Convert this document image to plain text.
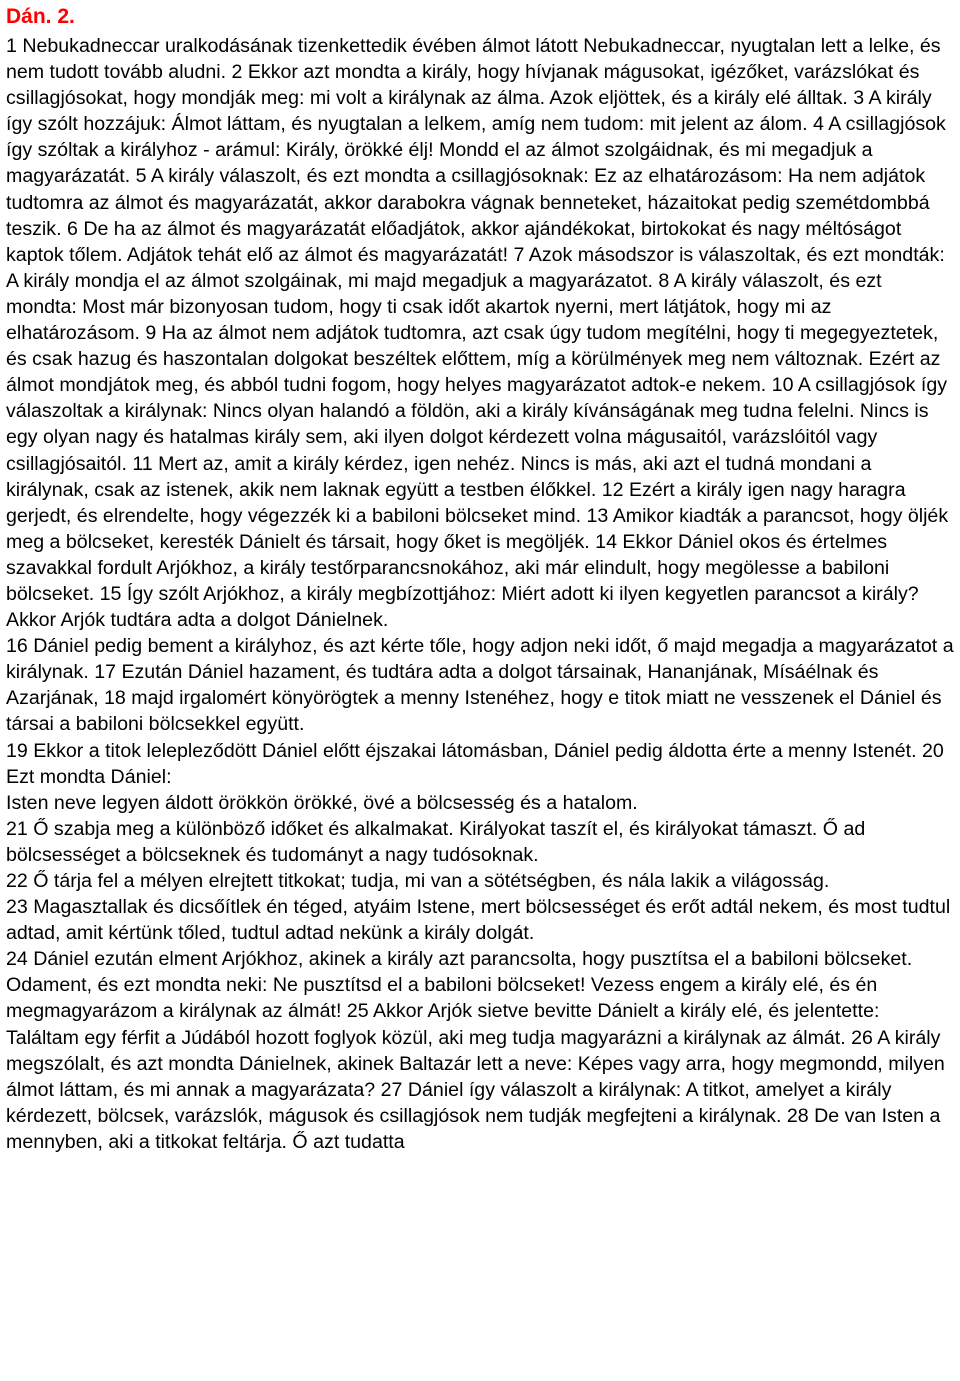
Dán. 2.

1 Nebukadneccar uralkodásának tizenkettedik évében álmot látott Nebukadneccar, nyugtalan lett a lelke, és nem tudott tovább aludni. 2 Ekkor azt mondta a király, hogy hívjanak mágusokat, igézőket, varázslókat és csillagjósokat, hogy mondják meg: mi volt a királynak az álma. Azok eljöttek, és a király elé álltak. 3 A király így szólt hozzájuk: Álmot láttam, és nyugtalan a lelkem, amíg nem tudom: mit jelent az álom. 4 A csillagjósok így szóltak a királyhoz - arámul: Király, örökké élj! Mondd el az álmot szolgáidnak, és mi megadjuk a magyarázatát. 5 A király válaszolt, és ezt mondta a csillagjósoknak: Ez az elhatározásom: Ha nem adjátok tudtomra az álmot és magyarázatát, akkor darabokra vágnak benneteket, házaitokat pedig szemétdombbá teszik. 6 De ha az álmot és magyarázatát előadjátok, akkor ajándékokat, birtokokat és nagy méltóságot kaptok tőlem. Adjátok tehát elő az álmot és magyarázatát! 7 Azok másodszor is válaszoltak, és ezt mondták: A király mondja el az álmot szolgáinak, mi majd megadjuk a magyarázatot. 8 A király válaszolt, és ezt mondta: Most már bizonyosan tudom, hogy ti csak időt akartok nyerni, mert látjátok, hogy mi az elhatározásom. 9 Ha az álmot nem adjátok tudtomra, azt csak úgy tudom megítélni, hogy ti megegyeztetek, és csak hazug és haszontalan dolgokat beszéltek előttem, míg a körülmények meg nem változnak. Ezért az álmot mondjátok meg, és abból tudni fogom, hogy helyes magyarázatot adtok-e nekem. 10 A csillagjósok így válaszoltak a királynak: Nincs olyan halandó a földön, aki a király kívánságának meg tudna felelni. Nincs is egy olyan nagy és hatalmas király sem, aki ilyen dolgot kérdezett volna mágusaitól, varázslóitól vagy csillagjósaitól. 11 Mert az, amit a király kérdez, igen nehéz. Nincs is más, aki azt el tudná mondani a királynak, csak az istenek, akik nem laknak együtt a testben élőkkel. 12 Ezért a király igen nagy haragra gerjedt, és elrendelte, hogy végezzék ki a babiloni bölcseket mind. 13 Amikor kiadták a parancsot, hogy öljék meg a bölcseket, keresték Dánielt és társait, hogy őket is megöljék. 14 Ekkor Dániel okos és értelmes szavakkal fordult Arjókhoz, a király testőrparancsnokához, aki már elindult, hogy megölesse a babiloni bölcseket. 15 Így szólt Arjókhoz, a király megbízottjához: Miért adott ki ilyen kegyetlen parancsot a király? Akkor Arjók tudtára adta a dolgot Dánielnek.

16 Dániel pedig bement a királyhoz, és azt kérte tőle, hogy adjon neki időt, ő majd megadja a magyarázatot a királynak. 17 Ezután Dániel hazament, és tudtára adta a dolgot társainak, Hananjának, Mísáélnak és Azarjának, 18 majd irgalomért könyörögtek a menny Istenéhez, hogy e titok miatt ne vesszenek el Dániel és társai a babiloni bölcsekkel együtt.

19 Ekkor a titok lelepleződött Dániel előtt éjszakai látomásban, Dániel pedig áldotta érte a menny Istenét. 20 Ezt mondta Dániel:

Isten neve legyen áldott örökkön örökké, övé a bölcsesség és a hatalom.

21 Ő szabja meg a különböző időket és alkalmakat. Királyokat taszít el, és királyokat támaszt. Ő ad bölcsességet a bölcseknek és tudományt a nagy tudósoknak.

22 Ő tárja fel a mélyen elrejtett titkokat; tudja, mi van a sötétségben, és nála lakik a világosság.

23 Magasztallak és dicsőítlek én téged, atyáim Istene, mert bölcsességet és erőt adtál nekem, és most tudtul adtad, amit kértünk tőled, tudtul adtad nekünk a király dolgát.

24 Dániel ezután elment Arjókhoz, akinek a király azt parancsolta, hogy pusztítsa el a babiloni bölcseket. Odament, és ezt mondta neki: Ne pusztítsd el a babiloni bölcseket! Vezess engem a király elé, és én megmagyarázom a királynak az álmát! 25 Akkor Arjók sietve bevitte Dánielt a király elé, és jelentette: Találtam egy férfit a Júdából hozott foglyok közül, aki meg tudja magyarázni a királynak az álmát. 26 A király megszólalt, és azt mondta Dánielnek, akinek Baltazár lett a neve: Képes vagy arra, hogy megmondd, milyen álmot láttam, és mi annak a magyarázata? 27 Dániel így válaszolt a királynak: A titkot, amelyet a király kérdezett, bölcsek, varázslók, mágusok és csillagjósok nem tudják megfejteni a királynak. 28 De van Isten a mennyben, aki a titkokat feltárja. Ő azt tudatta
